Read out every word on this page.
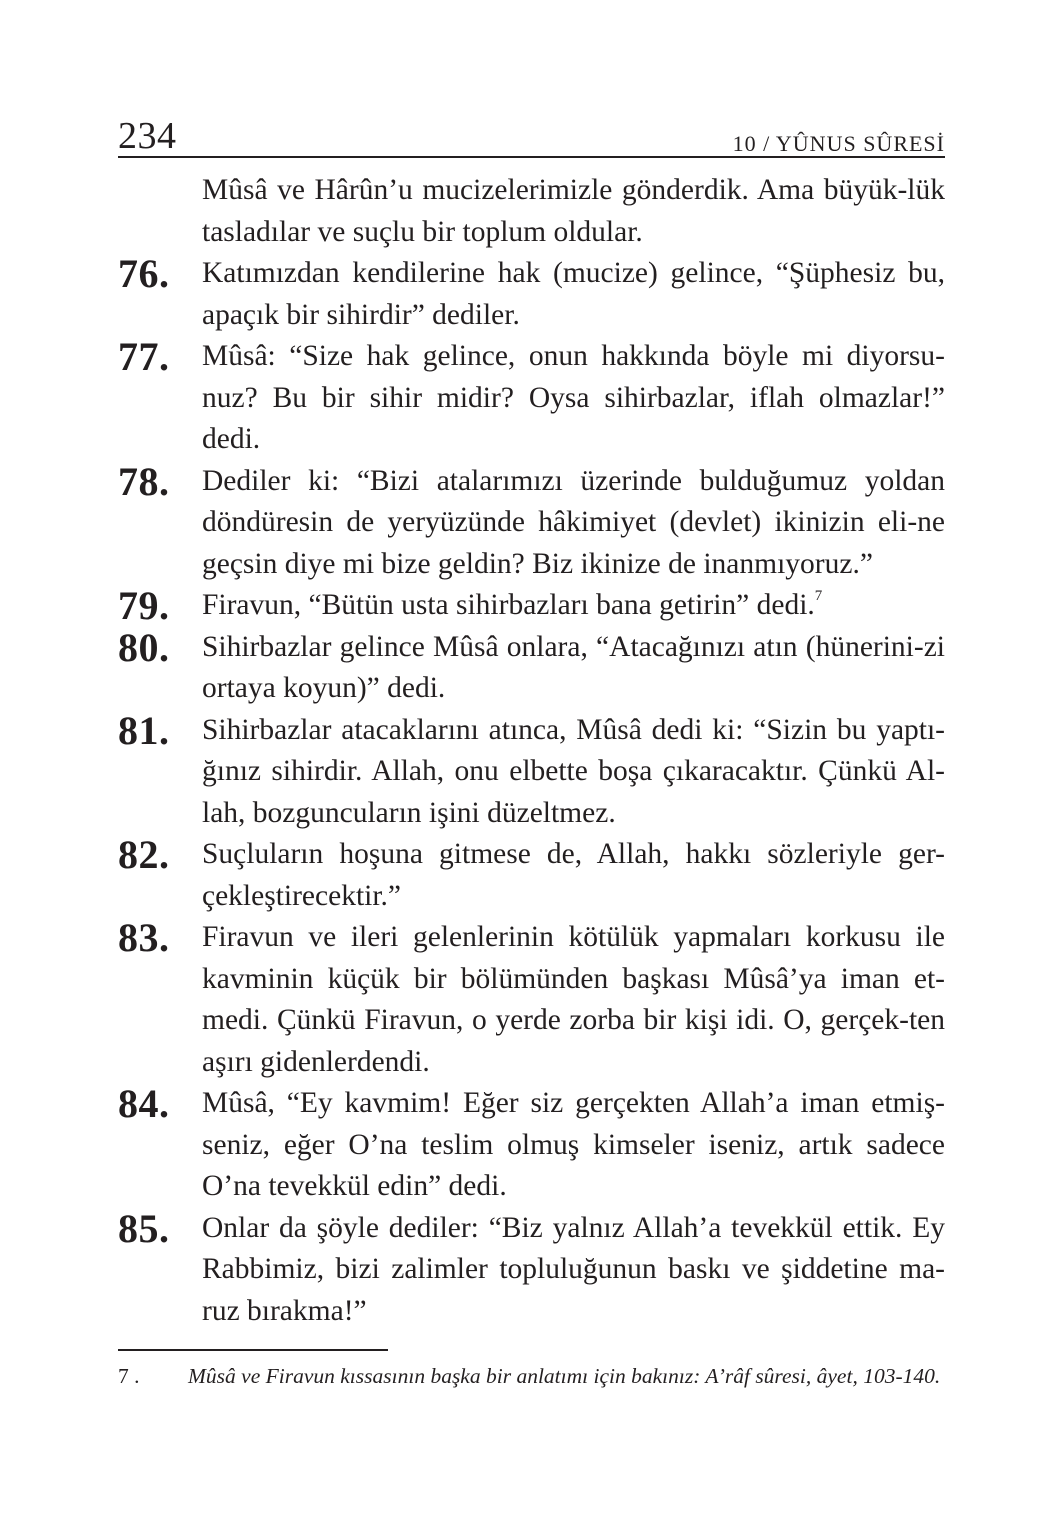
234	10 / YÛNUS SÛRESİ
Mûsâ ve Hârûn’u mucizelerimizle gönderdik. Ama büyük-lük tasladılar ve suçlu bir toplum oldular.
76. Katımızdan kendilerine hak (mucize) gelince, “Şüphesiz bu, apaçık bir sihirdir” dediler.
77. Mûsâ: “Size hak gelince, onun hakkında böyle mi diyorsu-nuz? Bu bir sihir midir? Oysa sihirbazlar, iflah olmazlar!” dedi.
78. Dediler ki: “Bizi atalarımızı üzerinde bulduğumuz yoldan döndüresin de yeryüzünde hâkimiyet (devlet) ikinizin eli-ne geçsin diye mi bize geldin? Biz ikinize de inanmıyoruz.”
79. Firavun, “Bütün usta sihirbazları bana getirin” dedi.$^7$
80. Sihirbazlar gelince Mûsâ onlara, “Atacağınızı atın (hünerini-zi ortaya koyun)” dedi.
81. Sihirbazlar atacaklarını atınca, Mûsâ dedi ki: “Sizin bu yaptı-ğınız sihirdir. Allah, onu elbette boşa çıkaracaktır. Çünkü Al-lah, bozguncuların işini düzeltmez.
82. Suçluların hoşuna gitmese de, Allah, hakkı sözleriyle ger-çekleştirecektir.”
83. Firavun ve ileri gelenlerinin kötülük yapmaları korkusu ile kavminin küçük bir bölümünden başkası Mûsâ’ya iman et-medi. Çünkü Firavun, o yerde zorba bir kişi idi. O, gerçek-ten aşırı gidenlerdendi.
84. Mûsâ, “Ey kavmim! Eğer siz gerçekten Allah’a iman etmiş-seniz, eğer O’na teslim olmuş kimseler iseniz, artık sadece O’na tevekkül edin” dedi.
85. Onlar da şöyle dediler: “Biz yalnız Allah’a tevekkül ettik. Ey Rabbimiz, bizi zalimler topluluğunun baskı ve şiddetine ma-ruz bırakma!”
7 .	Mûsâ ve Firavun kıssasının başka bir anlatımı için bakınız: A’râf sûresi, âyet, 103-140.
